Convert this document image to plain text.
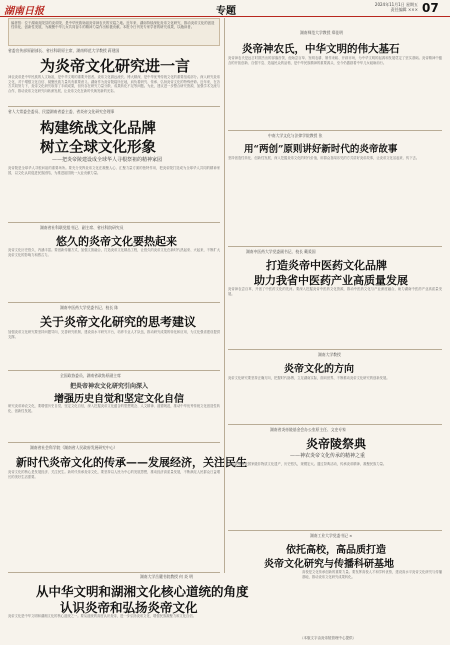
湖南日报	专题
2024年11月1日 星期五
责任编辑 ××× 07
编者按：位于湖南炎陵县的炎帝陵，是中华民族始祖炎帝神农氏的安寝之地。近年来，湖南持续深化炎帝文化研究，推动炎帝文化的创造性转化、创新性发展，为凝聚中华儿女共同奋斗的精神力量作出积极贡献。本报今日刊发专家学者的研究成果，以飨读者。
省委宣传部原副部长、省社科联原主席，湖南师范大学教授 蒋建国
为炎帝文化研究进一言
神农炎帝是中华民族的人文始祖，是中华文明的重要开创者。炎帝文化源远流长、博大精深，是中华优秀传统文化的重要组成部分。深入研究炎帝文化，对于增强文化自信、凝聚民族力量具有重要意义。湖南作为炎帝陵寝所在地，肩负着研究、传承、弘扬炎帝文化的特殊使命。近年来，在各方共同努力下，炎帝文化研究取得了丰硕成果，但仍存在研究力量分散、成果转化不足等问题。为此，建议进一步整合研究资源，加强学术交流与合作，推动炎帝文化研究向纵深发展，让炎帝文化在新时代焕发新的光彩。
省人大常委会委员、民盟湖南省委主委，省炎帝文化研究会理事
构建统战文化品牌
树立全球文化形象
——把炎帝陵建设成全球华人寻根祭祖的精神家园
炎帝陵是全球华人寻根问祖的重要场所。要充分发挥炎帝文化在凝聚人心、汇聚力量方面的独特作用，把炎帝陵打造成为全球华人共同的精神家园，以文化认同促进民族团结，为推进祖国统一大业贡献力量。
湖南省社科联党组书记、副主席、省社科院研究员
悠久的炎帝文化要热起来
炎帝文化历史悠久、内涵丰富。要创新传播方式，加强文旅融合，打造炎帝文化精品工程，让悠久的炎帝文化在新时代热起来、火起来，不断扩大炎帝文化的影响力和感召力。
湖南中医药大学党委书记、校长 陈
关于炎帝文化研究的思考建议
加强炎帝文化研究要坚持问题导向，完善研究机制，建设高水平研究平台，培养专业人才队伍，推动研究成果的转化和应用，为文化强省建设提供支撑。
全国政协委员，湖南省政协原副主席
把炎帝神农文化研究引向深入
增强历史自觉和坚定文化自信
研究炎帝神农文化，要增强历史自觉，坚定文化自信，深入挖掘炎帝文化蕴含的思想观念、人文精神、道德规范，推动中华优秀传统文化创造性转化、创新性发展。
湖南省社会科学院（湖南省人民政府发展研究中心）
新时代炎帝文化的传承——发展经济，关注民生
炎帝文化的核心是发展经济、关注民生。新时代传承炎帝文化，要坚持以人民为中心的发展思想，推动经济高质量发展，不断满足人民群众日益增长的美好生活需要。
湖南大学岳麓书院教授 何 炎 明
从中华文明和湖湘文化核心道统的角度
认识炎帝和弘扬炎帝文化
炎帝文化是中华文明和湖湘文化的核心道统之一。要从道统的高度认识炎帝，进一步弘扬炎帝文化，增强民族凝聚力和文化自信。
湖南师范大学教授 郑佳明
炎帝神农氏，中华文明的伟大基石
炎帝神农氏是远古时期杰出的部落首领，他始尝百草、发明农耕、制作耒耜、开辟市场，为中华文明的起源和发展奠定了坚实基础。炎帝精神中蕴含的开拓创新、自强不息、造福民众的品格，是中华民族精神的重要源头，至今仍激励着中华儿女砥砺前行。
中南大学文化与法律学院教授 张
用“两创”原则讲好新时代的炎帝故事
坚持创造性转化、创新性发展，深入挖掘炎帝文化的时代价值，用群众喜闻乐见的方式讲好炎帝故事，让炎帝文化活起来、传下去。
湖南中医药大学党委副书记、校长 戴爱国
打造炎帝中医药文化品牌
助力我省中医药产业高质量发展
炎帝神农尝百草，开创了中医药文化的先河。要深入挖掘炎帝中医药文化资源，推动中医药文化与产业深度融合，助力湖南中医药产业高质量发展。
湖南大学教授
炎帝文化的方向
炎帝文化研究要坚持正确方向，把握时代脉搏，立足湖南实际，面向世界，不断推动炎帝文化研究的创新发展。
湖南省炎帝陵基金会办公室原主任、文史专家
炎帝陵祭典
——神农炎帝文化传承的精神之重
炎帝陵祭典是国家级非物质文化遗产，历史悠久，规模宏大。通过祭典活动，传承炎帝精神，凝聚民族力量。
湖南工业大学党委书记 ×
依托高校，高品质打造
炎帝文化研究与传播科研基地
高校是文化传承创新的重要力量。要发挥高校人才和学科优势，建设高水平炎帝文化研究与传播基地，推动炎帝文化研究成果转化。
（本版文字由炎帝陵管理中心提供）
